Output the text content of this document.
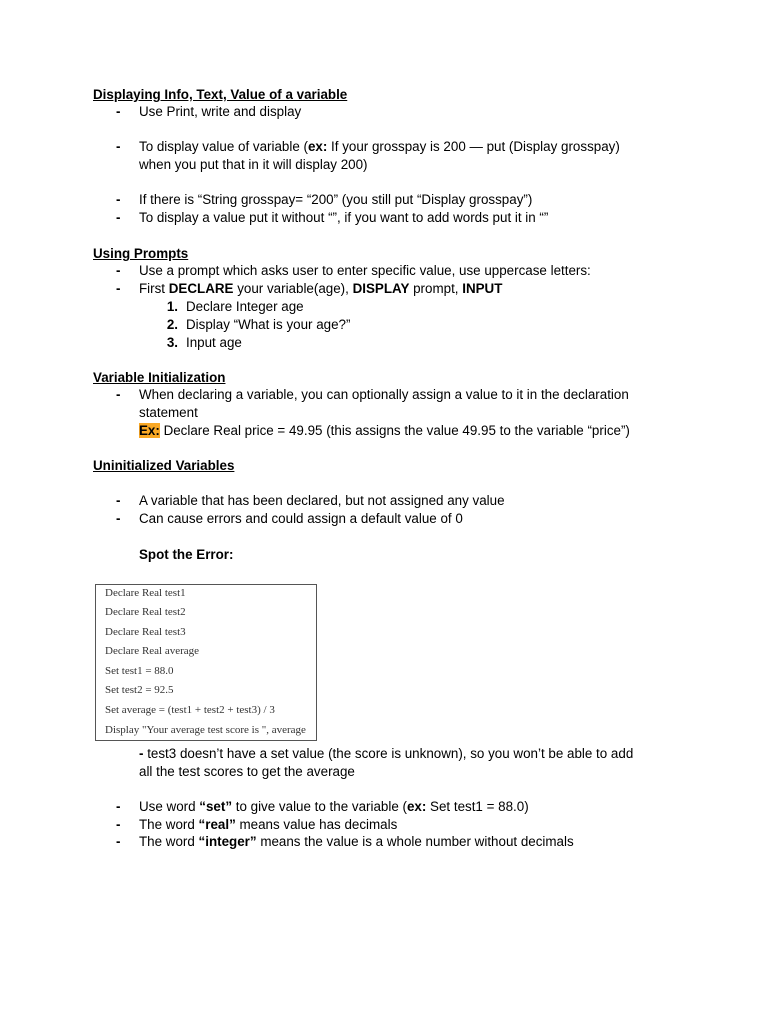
Displaying Info, Text, Value of a variable
- Use Print, write and display
- To display value of variable (ex: If your grosspay is 200 — put (Display grosspay)
when you put that in it will display 200)
- If there is “String grosspay= “200” (you still put “Display grosspay”)
- To display a value put it without “”, if you want to add words put it in “”
Using Prompts
- Use a prompt which asks user to enter specific value, use uppercase letters:
- First DECLARE your variable(age), DISPLAY prompt, INPUT
1. Declare Integer age
2. Display “What is your age?”
3. Input age
Variable Initialization
- When declaring a variable, you can optionally assign a value to it in the declaration
statement
Ex: Declare Real price = 49.95 (this assigns the value 49.95 to the variable “price”)
Uninitialized Variables
- A variable that has been declared, but not assigned any value
- Can cause errors and could assign a default value of 0
Spot the Error:
Declare Real test1
Declare Real test2
Declare Real test3
Declare Real average
Set test1 = 88.0
Set test2 = 92.5
Set average = (test1 + test2 + test3) / 3
Display "Your average test score is ", average
- test3 doesn’t have a set value (the score is unknown), so you won’t be able to add
all the test scores to get the average
- Use word “set” to give value to the variable (ex: Set test1 = 88.0)
- The word “real” means value has decimals
- The word “integer” means the value is a whole number without decimals
